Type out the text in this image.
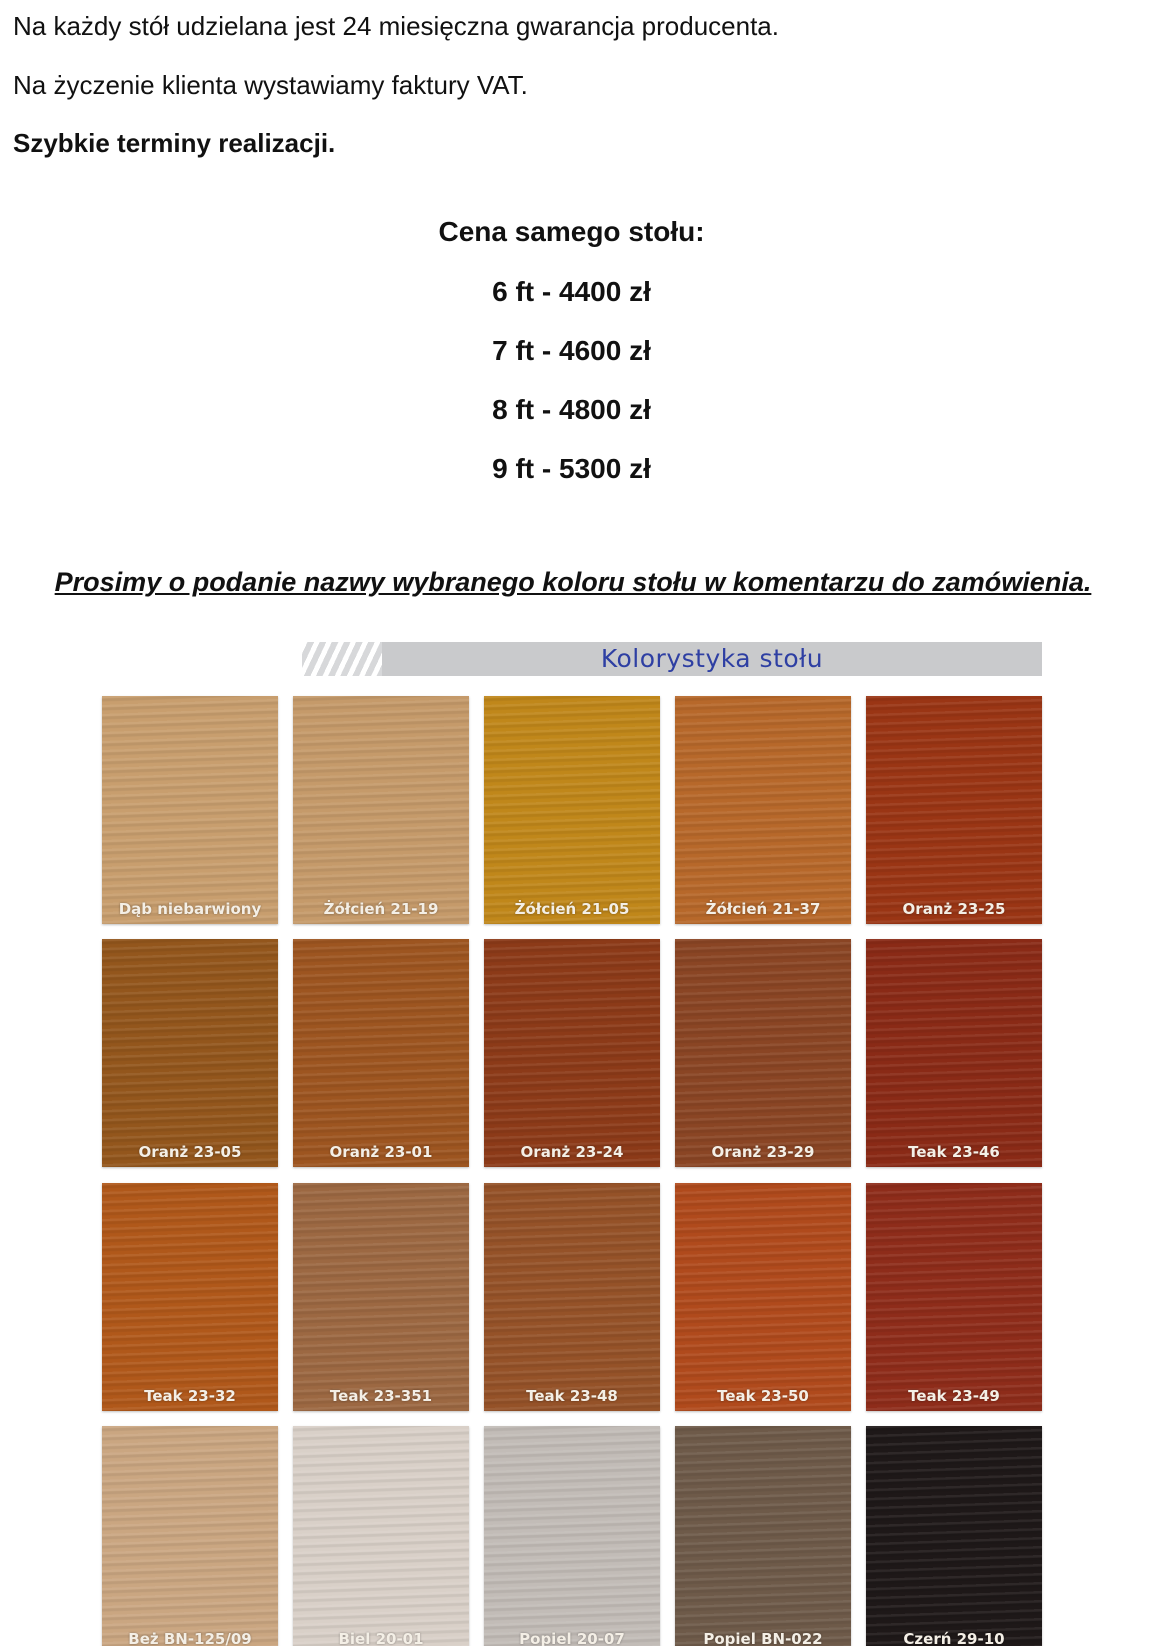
Na każdy stół udzielana jest 24 miesięczna gwarancja producenta.
Na życzenie klienta wystawiamy faktury VAT.
Szybkie terminy realizacji.
Cena samego stołu:
6 ft - 4400 zł
7 ft - 4600 zł
8 ft - 4800 zł
9 ft - 5300 zł
Prosimy o podanie nazwy wybranego koloru stołu w komentarzu do zamówienia.
Kolorystyka stołu
Dąb niebarwiony	Żółcień 21-19	Żółcień 21-05	Żółcień 21-37	Oranż 23-25
Oranż 23-05	Oranż 23-01	Oranż 23-24	Oranż 23-29	Teak 23-46
Teak 23-32	Teak 23-351	Teak 23-48	Teak 23-50	Teak 23-49
Beż BN-125/09	Biel 20-01	Popiel 20-07	Popiel BN-022	Czerń 29-10
